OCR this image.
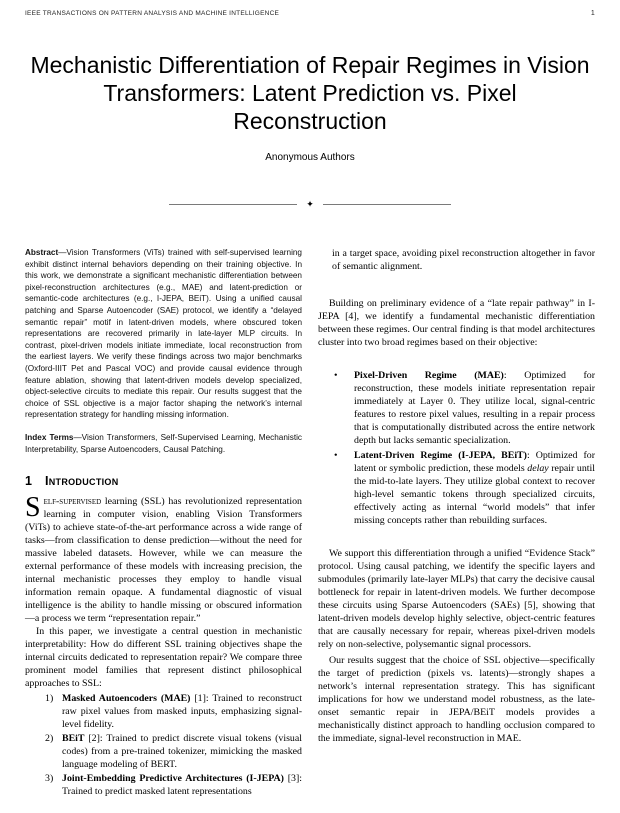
IEEE TRANSACTIONS ON PATTERN ANALYSIS AND MACHINE INTELLIGENCE	1
Mechanistic Differentiation of Repair Regimes in Vision Transformers: Latent Prediction vs. Pixel Reconstruction
Anonymous Authors
✦
Abstract—Vision Transformers (ViTs) trained with self-supervised learning exhibit distinct internal behaviors depending on their training objective. In this work, we demonstrate a significant mechanistic differentiation between pixel-reconstruction architectures (e.g., MAE) and latent-prediction or semantic-code architectures (e.g., I-JEPA, BEiT). Using a unified causal patching and Sparse Autoencoder (SAE) protocol, we identify a “delayed semantic repair” motif in latent-driven models, where obscured token representations are recovered primarily in late-layer MLP circuits. In contrast, pixel-driven models initiate immediate, local reconstruction from the earliest layers. We verify these findings across two major benchmarks (Oxford-IIIT Pet and Pascal VOC) and provide causal evidence through feature ablation, showing that latent-driven models develop specialized, object-selective circuits to mediate this repair. Our results suggest that the choice of SSL objective is a major factor shaping the network’s internal representation strategy for handling missing information.
Index Terms—Vision Transformers, Self-Supervised Learning, Mechanistic Interpretability, Sparse Autoencoders, Causal Patching.
1 Introduction
Self-supervised learning (SSL) has revolutionized representation learning in computer vision, enabling Vision Transformers (ViTs) to achieve state-of-the-art performance across a wide range of tasks—from classification to dense prediction—without the need for massive labeled datasets. However, while we can measure the external performance of these models with increasing precision, the internal mechanistic processes they employ to handle visual information remain opaque. A fundamental diagnostic of visual intelligence is the ability to handle missing or obscured information—a process we term “representation repair.”
In this paper, we investigate a central question in mechanistic interpretability: How do different SSL training objectives shape the internal circuits dedicated to representation repair? We compare three prominent model families that represent distinct philosophical approaches to SSL:
1) Masked Autoencoders (MAE) [1]: Trained to reconstruct raw pixel values from masked inputs, emphasizing signal-level fidelity.
2) BEiT [2]: Trained to predict discrete visual tokens (visual codes) from a pre-trained tokenizer, mimicking the masked language modeling of BERT.
3) Joint-Embedding Predictive Architectures (I-JEPA) [3]: Trained to predict masked latent representations
in a target space, avoiding pixel reconstruction altogether in favor of semantic alignment.
Building on preliminary evidence of a “late repair pathway” in I-JEPA [4], we identify a fundamental mechanistic differentiation between these regimes. Our central finding is that model architectures cluster into two broad regimes based on their objective:
•	Pixel-Driven Regime (MAE): Optimized for reconstruction, these models initiate representation repair immediately at Layer 0. They utilize local, signal-centric features to restore pixel values, resulting in a repair process that is computationally distributed across the entire network depth but lacks semantic specialization.
•	Latent-Driven Regime (I-JEPA, BEiT): Optimized for latent or symbolic prediction, these models delay repair until the mid-to-late layers. They utilize global context to recover high-level semantic tokens through specialized circuits, effectively acting as internal “world models” that infer missing concepts rather than rebuilding surfaces.
We support this differentiation through a unified “Evidence Stack” protocol. Using causal patching, we identify the specific layers and submodules (primarily late-layer MLPs) that carry the decisive causal bottleneck for repair in latent-driven models. We further decompose these circuits using Sparse Autoencoders (SAEs) [5], showing that latent-driven models develop highly selective, object-centric features that are causally necessary for repair, whereas pixel-driven models rely on non-selective, polysemantic signal processors.
Our results suggest that the choice of SSL objective—specifically the target of prediction (pixels vs. latents)—strongly shapes a network’s internal representation strategy. This has significant implications for how we understand model robustness, as the late-onset semantic repair in JEPA/BEiT models provides a mechanistically distinct approach to handling occlusion compared to the immediate, signal-level reconstruction in MAE.
